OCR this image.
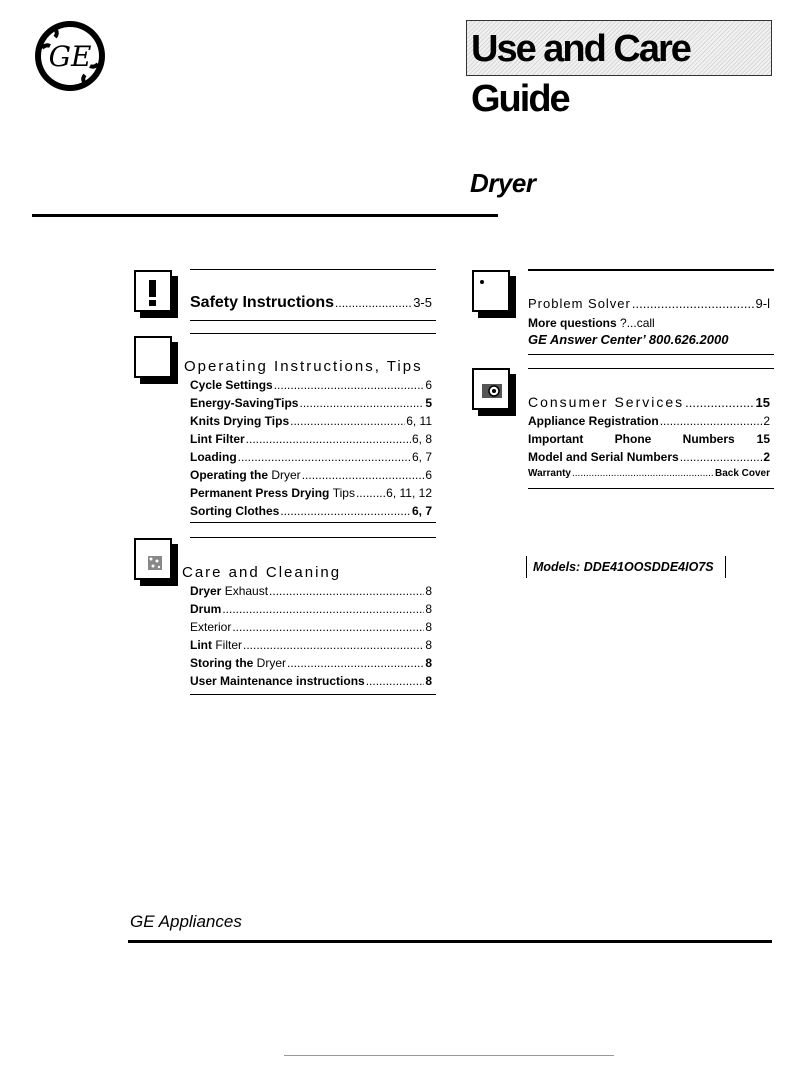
GE	Use and Care Guide
Dryer
Safety Instructions .....	3-5
Operating Instructions, Tips
Cycle Settings .....	6
Energy-SavingTips .....	5
Knits Drying Tips .....	6, 11
Lint Filter .....	6, 8
Loading .....	6, 7
Operating the Dryer .....	6
Permanent Press Drying Tips .....	6, 11, 12
Sorting Clothes .....	6, 7
Care and Cleaning
Dryer Exhaust .....	8
Drum .....	8
Exterior .....	8
Lint Filter .....	8
Storing the Dryer .....	8
User Maintenance instructions .....	8
Problem Solver .....	9-l
More questions ?...call
GE Answer Center’ 800.626.2000
Consumer Services .....	15
Appliance Registration .....	2
Important Phone Numbers 15
Model and Serial Numbers .....	2
Warranty .....	Back Cover
Models: DDE41OOSDDE4IO7S
GE Appliances
